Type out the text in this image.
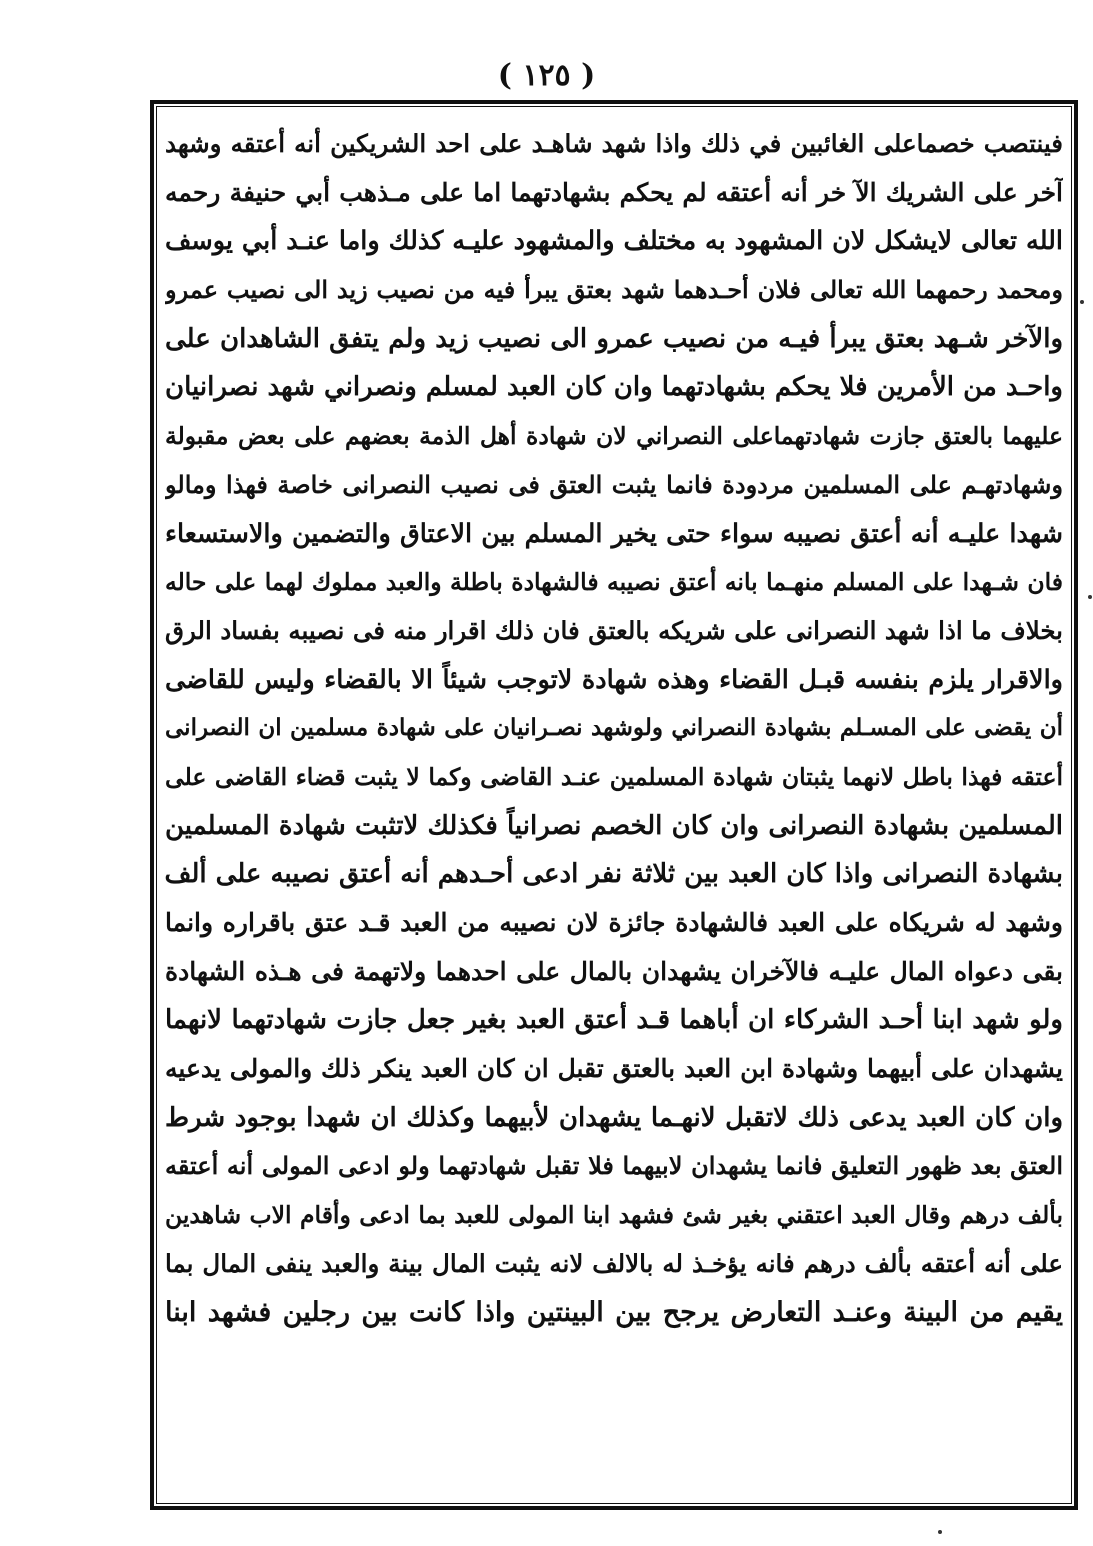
( ١٢٥ )
فينتصب خصماعلى الغائبين في ذلك واذا شهد شاهـد على احد الشريكين أنه أعتقه وشهد
آخر على الشريك الآ خر أنه أعتقه لم يحكم بشهادتهما اما على مـذهب أبي حنيفة رحمه
الله تعالى لايشكل لان المشهود به مختلف والمشهود عليـه كذلك واما عنـد أبي يوسف
ومحمد رحمهما الله تعالى فلان أحـدهما شهد بعتق يبرأ فيه من نصيب زيد الى نصيب عمرو
والآخر شـهد بعتق يبرأ فيـه من نصيب عمرو الى نصيب زيد ولم يتفق الشاهدان على
واحـد من الأمرين فلا يحكم بشهادتهما وان كان العبد لمسلم ونصراني شهد نصرانيان
عليهما بالعتق جازت شهادتهماعلى النصراني لان شهادة أهل الذمة بعضهم على بعض مقبولة
وشهادتهـم على المسلمين مردودة فانما يثبت العتق فى نصيب النصرانى خاصة فهذا ومالو
شهدا عليـه أنه أعتق نصيبه سواء حتى يخير المسلم بين الاعتاق والتضمين والاستسعاء
فان شـهدا على المسلم منهـما بانه أعتق نصيبه فالشهادة باطلة والعبد مملوك لهما على حاله
بخلاف ما اذا شهد النصرانى على شريكه بالعتق فان ذلك اقرار منه فى نصيبه بفساد الرق
والاقرار يلزم بنفسه قبـل القضاء وهذه شهادة لاتوجب شيئاً الا بالقضاء وليس للقاضى
أن يقضى على المسـلم بشهادة النصراني ولوشهد نصـرانيان على شهادة مسلمين ان النصرانى
أعتقه فهذا باطل لانهما يثبتان شهادة المسلمين عنـد القاضى وكما لا يثبت قضاء القاضى على
المسلمين بشهادة النصرانى وان كان الخصم نصرانياً فكذلك لاتثبت شهادة المسلمين
بشهادة النصرانى واذا كان العبد بين ثلاثة نفر ادعى أحـدهم أنه أعتق نصيبه على ألف
وشهد له شريكاه على العبد فالشهادة جائزة لان نصيبه من العبد قـد عتق باقراره وانما
بقى دعواه المال عليـه فالآخران يشهدان بالمال على احدهما ولاتهمة فى هـذه الشهادة
ولو شهد ابنا أحـد الشركاء ان أباهما قـد أعتق العبد بغير جعل جازت شهادتهما لانهما
يشهدان على أبيهما وشهادة ابن العبد بالعتق تقبل ان كان العبد ينكر ذلك والمولى يدعيه
وان كان العبد يدعى ذلك لاتقبل لانهـما يشهدان لأبيهما وكذلك ان شهدا بوجود شرط
العتق بعد ظهور التعليق فانما يشهدان لابيهما فلا تقبل شهادتهما ولو ادعى المولى أنه أعتقه
بألف درهم وقال العبد اعتقني بغير شئ فشهد ابنا المولى للعبد بما ادعى وأقام الاب شاهدين
على أنه أعتقه بألف درهم فانه يؤخـذ له بالالف لانه يثبت المال بينة والعبد ينفى المال بما
يقيم من البينة وعنـد التعارض يرجح بين البينتين واذا كانت بين رجلين فشهد ابنا
